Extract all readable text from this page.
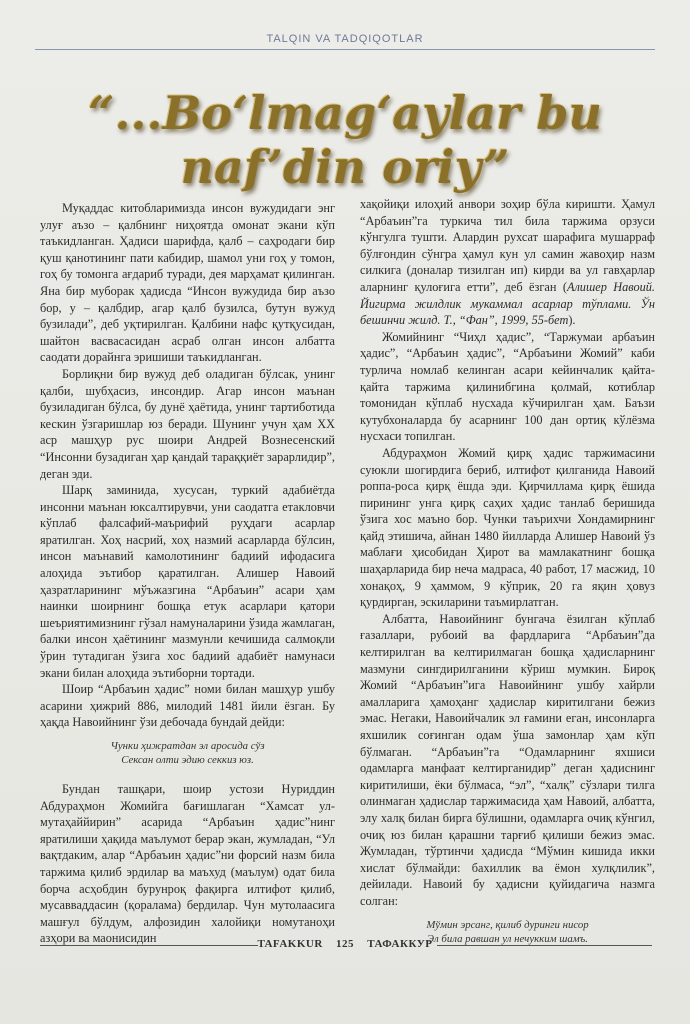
TALQIN VA TADQIQOTLAR
“...Bo‘lmag‘aylar bu naf’din oriy”

Муқаддас китобларимизда инсон вужудидаги энг улуғ аъзо – қалбнинг ниҳоятда омонат экани кўп таъкидланган. Ҳадиси шарифда, қалб – саҳродаги бир қуш қанотининг пати кабидир, шамол уни гоҳ у томон, гоҳ бу томонга ағдариб туради, дея марҳамат қилинган. Яна бир муборак ҳадисда “Инсон вужудида бир аъзо бор, у – қалбдир, агар қалб бузилса, бутун вужуд бузилади”, деб уқтирилган. Қалбини нафс қутқусидан, шайтон васвасасидан асраб олган инсон албатта саодати дорайнга эришиши таъкидланган.

Борлиқни бир вужуд деб оладиган бўлсак, унинг қалби, шубҳасиз, инсондир. Агар инсон маънан бузиладиган бўлса, бу дунё ҳаётида, унинг тартиботида кескин ўзгаришлар юз беради. Шунинг учун ҳам XX аср машҳур рус шоири Андрей Вознесенский “Инсонни бузадиган ҳар қандай тараққиёт зарарлидир”, деган эди.

Шарқ заминида, хусусан, туркий адабиётда инсонни маънан юксалтирувчи, уни саодатга етакловчи кўплаб фалсафий-маърифий руҳдаги асарлар яратилган. Хоҳ насрий, хоҳ назмий асарларда бўлсин, инсон маънавий камолотининг бадиий ифодасига алоҳида эътибор қаратилган. Алишер Навоий ҳазратларининг мўъжазгина “Арбаъин” асари ҳам наинки шоирнинг бошқа етук асарлари қатори шеъриятимизнинг гўзал намуналарини ўзида жамлаган, балки инсон ҳаётининг мазмунли кечишида салмоқли ўрин тутадиган ўзига хос бадиий адабиёт намунаси экани билан алоҳида эътиборни тортади.

Шоир “Арбаъин ҳадис” номи билан машҳур ушбу асарини ҳижрий 886, милодий 1481 йили ёзган. Бу ҳақда Навоийнинг ўзи дебочада бундай дейди:

Чунки ҳижратдан эл аросида сўз
Сексан олти эдию секкиз юз.

Бундан ташқари, шоир устози Нуриддин Абдураҳмон Жомийга бағишлаган “Хамсат ул-мутаҳаййирин” асарида “Арбаъин ҳадис”нинг яратилиши ҳақида маълумот берар экан, жумладан, “Ул вақтдаким, алар “Арбаъин ҳадис”ни форсий назм била таржима қилиб эрдилар ва маъхуд (маълум) одат била борча асҳобдин бурунроқ фақирга илтифот қилиб, мусавваддасин (қораламa) бердилар. Чун мутолаасига машғул бўлдум, алфозидин халойиқи номутаноҳи азҳори ва маонисидин

хақойиқи илоҳий анвори зоҳир бўла киришти. Ҳамул “Арбаъин”га туркича тил била таржима орзуси кўнгулга тушти. Алардин рухсат шарафига мушарраф бўлғондин сўнгра ҳамул кун ул самин жавоҳир назм силкига (доналар тизилган ип) кирди ва ул гавҳарлар аларнинг қулоғига етти”, деб ёзган (Алишер Навоий. Йигирма жилдлик мукаммал асарлар тўплами. Ўн бешинчи жилд. Т., “Фан”, 1999, 55-бет).

Жомийнинг “Чиҳл ҳадис”, “Таржумаи арбаъин ҳадис”, “Арбаъин ҳадис”, “Арбаъини Жомий” каби турлича номлаб келинган асари кейинчалик қайта-қайта таржима қилинибгина қолмай, котиблар томонидан кўплаб нусхада кўчирилган ҳам. Баъзи кутубхоналарда бу асарнинг 100 дан ортиқ кўлёзма нусхаси топилган.

Абдураҳмон Жомий қирқ ҳадис таржимасини суюкли шогирдига бериб, илтифот қилганида Навоий роппа-роса қирқ ёшда эди. Қирчиллама қирқ ёшида пирининг унга қирқ саҳих ҳадис танлаб беришида ўзига хос маъно бор. Чунки таърихчи Хондамирнинг қайд этишича, айнан 1480 йилларда Алишер Навоий ўз маблағи ҳисобидан Ҳирот ва мамлакатнинг бошқа шаҳарларида бир неча мадраса, 40 работ, 17 масжид, 10 хонақоҳ, 9 ҳаммом, 9 кўприк, 20 га яқин ҳовуз қурдирган, эскиларини таъмирлатган.

Албатта, Навоийнинг бунгача ёзилган кўплаб ғазаллари, рубоий ва фардларига “Арбаъин”да келтирилган ва келтирилмаган бошқа ҳадисларнинг мазмуни сингдирилганини кўриш мумкин. Бироқ Жомий “Арбаъин”ига Навоийнинг ушбу хайрли амалларига ҳамоҳанг ҳадислар киритилгани бежиз эмас. Негаки, Навоийчалик эл ғамини еган, инсонларга яхшилик соғинган одам ўша замонлар ҳам кўп бўлмаган. “Арбаъин”га “Одамларнинг яхшиси одамларга манфаат келтирганидир” деган ҳадиснинг киритилиши, ёки бўлмаса, “эл”, “халқ” сўзлари тилга олинмаган ҳадислар таржимасида ҳам Навоий, албатта, элу халқ билан бирга бўлишни, одамларга очиқ кўнгил, очиқ юз билан қарашни тарғиб қилиши бежиз эмас. Жумладан, тўртинчи ҳадисда “Мўмин кишида икки хислат бўлмайди: бахиллик ва ёмон хулқлилик”, дейилади. Навоий бу ҳадисни қуйидагича назмга солган:

Мўмин эрсанг, қилиб дуринги нисор
Эл била равшан ул нечукким шамъ.
TAFAKKUR 125 ТАФАККУР
